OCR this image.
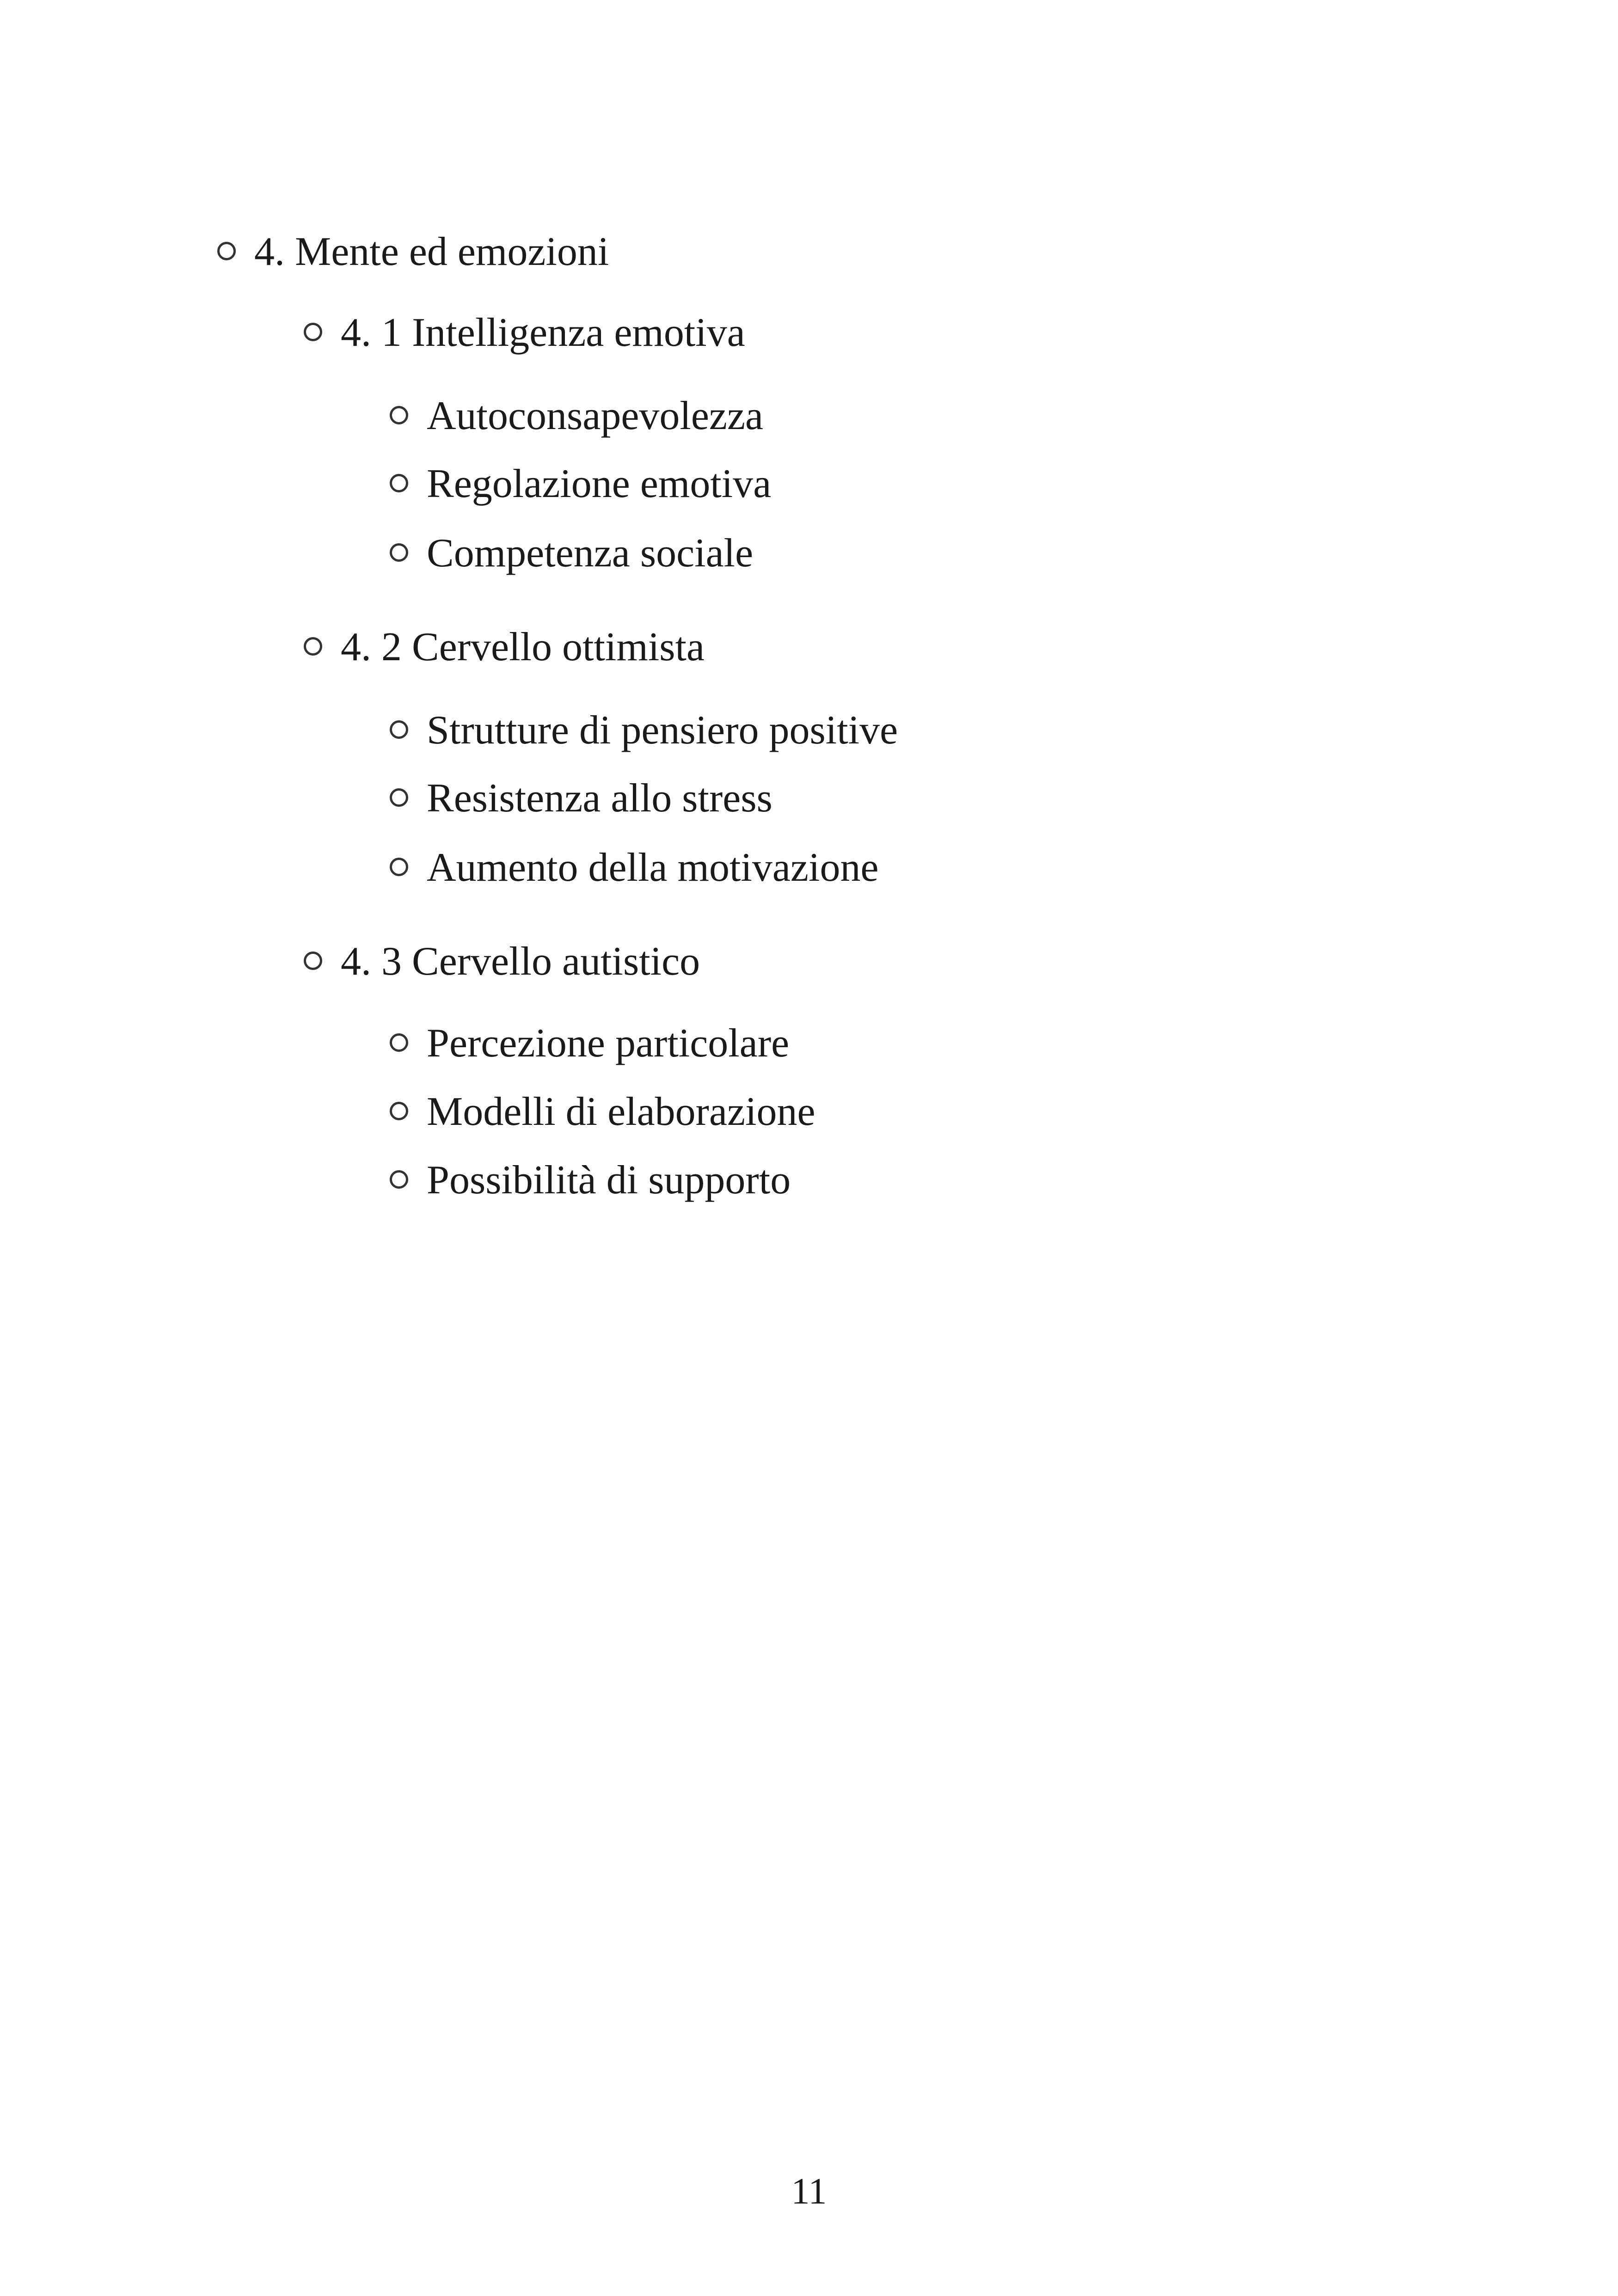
4. Mente ed emozioni
4. 1 Intelligenza emotiva
Autoconsapevolezza
Regolazione emotiva
Competenza sociale
4. 2 Cervello ottimista
Strutture di pensiero positive
Resistenza allo stress
Aumento della motivazione
4. 3 Cervello autistico
Percezione particolare
Modelli di elaborazione
Possibilità di supporto
11
